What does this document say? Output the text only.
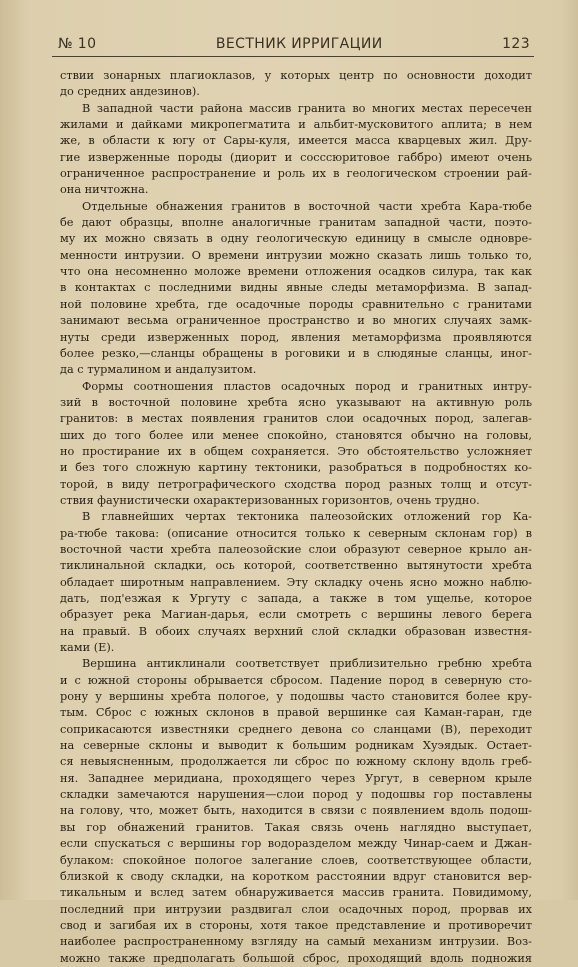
№ 10	ВЕСТНИК ИРРИГАЦИИ	123
ствии зонарных плагиоклазов, у которых центр по основности доходит
до средних андезинов).
В западной части района массив гранита во многих местах пересечен
жилами и дайками микропегматита и альбит-мусковитого аплита; в нем
же, в области к югу от Сары-куля, имеется масса кварцевых жил. Дру-
гие изверженные породы (диорит и сосссюритовое габбро) имеют очень
ограниченное распространение и роль их в геологическом строении рай-
она ничтожна.
Отдельные обнажения гранитов в восточной части хребта Кара-тюбе
бе дают образцы, вполне аналогичные гранитам западной части, поэто-
му их можно связать в одну геологическую единицу в смысле одновре-
менности интрузии. О времени интрузии можно сказать лишь только то,
что она несомненно моложе времени отложения осадков силура, так как
в контактах с последними видны явные следы метаморфизма. В запад-
ной половине хребта, где осадочные породы сравнительно с гранитами
занимают весьма ограниченное пространство и во многих случаях замк-
нуты среди изверженных пород, явления метаморфизма проявляются
более резко,—сланцы обращены в роговики и в слюдяные сланцы, иног-
да с турмалином и андалузитом.
Формы соотношения пластов осадочных пород и гранитных интру-
зий в восточной половине хребта ясно указывают на активную роль
гранитов: в местах появления гранитов слои осадочных пород, залегав-
ших до того более или менее спокойно, становятся обычно на головы,
но простирание их в общем сохраняется. Это обстоятельство усложняет
и без того сложную картину тектоники, разобраться в подробностях ко-
торой, в виду петрографического сходства пород разных толщ и отсут-
ствия фаунистически охарактеризованных горизонтов, очень трудно.
В главнейших чертах тектоника палеозойских отложений гор Ка-
ра-тюбе такова: (описание относится только к северным склонам гор) в
восточной части хребта палеозойские слои образуют северное крыло ан-
тиклинальной складки, ось которой, соответственно вытянутости хребта
обладает широтным направлением. Эту складку очень ясно можно наблю-
дать, под'езжая к Ургуту с запада, а также в том ущелье, которое
образует река Магиан-дарья, если смотреть с вершины левого берега
на правый. В обоих случаях верхний слой складки образован известня-
ками (Е).
Вершина антиклинали соответствует приблизительно гребню хребта
и с южной стороны обрывается сбросом. Падение пород в северную сто-
рону у вершины хребта пологое, у подошвы часто становится более кру-
тым. Сброс с южных склонов в правой вершинке сая Каман-гаран, где
соприкасаются известняки среднего девона со сланцами (В), переходит
на северные склоны и выводит к большим родникам Хуэядык. Остает-
ся невыясненным, продолжается ли сброс по южному склону вдоль греб-
ня. Западнее меридиана, проходящего через Ургут, в северном крыле
складки замечаются нарушения—слои пород у подошвы гор поставлены
на голову, что, может быть, находится в связи с появлением вдоль подош-
вы гор обнажений гранитов. Такая связь очень наглядно выступает,
если спускаться с вершины гор водоразделом между Чинар-саем и Джан-
булаком: спокойное пологое залегание слоев, соответствующее области,
близкой к своду складки, на коротком расстоянии вдруг становится вер-
тикальным и вслед затем обнаруживается массив гранита. Повидимому,
последний при интрузии раздвигал слои осадочных пород, прорвав их
свод и загибая их в стороны, хотя такое представление и противоречит
наиболее распространенному взгляду на самый механизм интрузии. Воз-
можно также предполагать большой сброс, проходящий вдоль подножия
